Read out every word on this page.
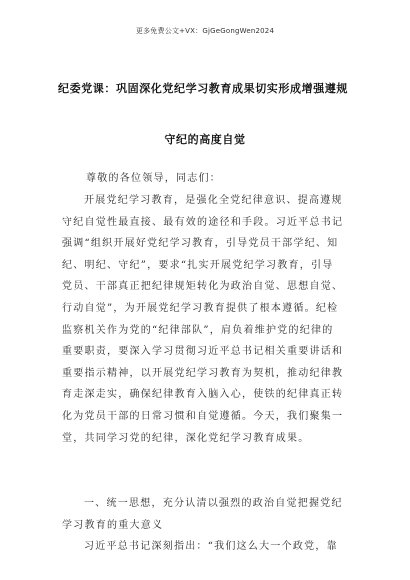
更多免费公文+VX：GjGeGongWen2024
纪委党课：巩固深化党纪学习教育成果切实形成增强遵规
守纪的高度自觉
尊敬的各位领导，同志们：
开展党纪学习教育，是强化全党纪律意识、提高遵规
守纪自觉性最直接、最有效的途径和手段。习近平总书记
强调“组织开展好党纪学习教育，引导党员干部学纪、知
纪、明纪、守纪”，要求“扎实开展党纪学习教育，引导
党员、干部真正把纪律规矩转化为政治自觉、思想自觉、
行动自觉”，为开展党纪学习教育提供了根本遵循。纪检
监察机关作为党的“纪律部队”，肩负着维护党的纪律的
重要职责，要深入学习贯彻习近平总书记相关重要讲话和
重要指示精神，以开展党纪学习教育为契机，推动纪律教
育走深走实，确保纪律教育入脑入心，使铁的纪律真正转
化为党员干部的日常习惯和自觉遵循。今天，我们聚集一
堂，共同学习党的纪律，深化党纪学习教育成果。
一、统一思想，充分认清以强烈的政治自觉把握党纪
学习教育的重大意义
习近平总书记深刻指出：“我们这么大一个政党，靠
